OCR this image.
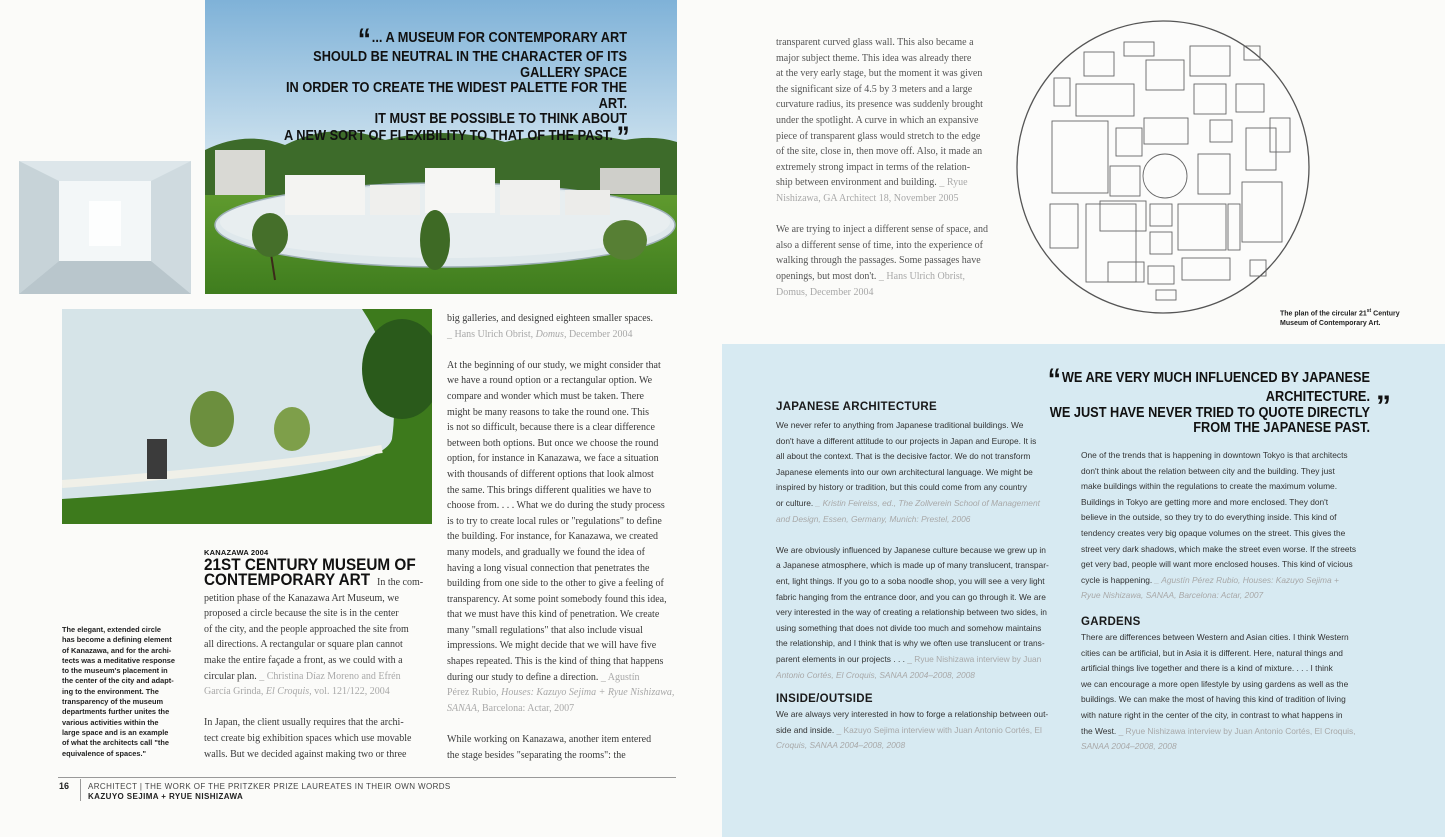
“ ... A MUSEUM FOR CONTEMPORARY ART
SHOULD BE NEUTRAL IN THE CHARACTER OF ITS GALLERY SPACE
IN ORDER TO CREATE THE WIDEST PALETTE FOR THE ART.
IT MUST BE POSSIBLE TO THINK ABOUT
A NEW SORT OF FLEXIBILITY TO THAT OF THE PAST. ”
The elegant, extended circle
has become a defining element
of Kanazawa, and for the archi-
tects was a meditative response
to the museum's placement in
the center of the city and adapt-
ing to the environment. The
transparency of the museum
departments further unites the
various activities within the
large space and is an example
of what the architects call "the
equivalence of spaces."
KANAZAWA 2004
21ST CENTURY MUSEUM OF
CONTEMPORARY ART In the com-
petition phase of the Kanazawa Art Museum, we
proposed a circle because the site is in the center
of the city, and the people approached the site from
all directions. A rectangular or square plan cannot
make the entire façade a front, as we could with a
circular plan. _ Christina Díaz Moreno and Efrén
García Grinda, El Croquis, vol. 121/122, 2004
In Japan, the client usually requires that the archi-
tect create big exhibition spaces which use movable
walls. But we decided against making two or three
big galleries, and designed eighteen smaller spaces.
_ Hans Ulrich Obrist, Domus, December 2004
At the beginning of our study, we might consider that
we have a round option or a rectangular option. We
compare and wonder which must be taken. There
might be many reasons to take the round one. This
is not so difficult, because there is a clear difference
between both options. But once we choose the round
option, for instance in Kanazawa, we face a situation
with thousands of different options that look almost
the same. This brings different qualities we have to
choose from. . . . What we do during the study process
is to try to create local rules or "regulations" to define
the building. For instance, for Kanazawa, we created
many models, and gradually we found the idea of
having a long visual connection that penetrates the
building from one side to the other to give a feeling of
transparency. At some point somebody found this idea,
that we must have this kind of penetration. We create
many "small regulations" that also include visual
impressions. We might decide that we will have five
shapes repeated. This is the kind of thing that happens
during our study to define a direction. _ Agustín
Pérez Rubio, Houses: Kazuyo Sejima + Ryue Nishizawa,
SANAA, Barcelona: Actar, 2007
While working on Kanazawa, another item entered
the stage besides "separating the rooms": the
16 ARCHITECT | THE WORK OF THE PRITZKER PRIZE LAUREATES IN THEIR OWN WORDS
KAZUYO SEJIMA + RYUE NISHIZAWA
transparent curved glass wall. This also became a
major subject theme. This idea was already there
at the very early stage, but the moment it was given
the significant size of 4.5 by 3 meters and a large
curvature radius, its presence was suddenly brought
under the spotlight. A curve in which an expansive
piece of transparent glass would stretch to the edge
of the site, close in, then move off. Also, it made an
extremely strong impact in terms of the relation-
ship between environment and building. _ Ryue
Nishizawa, GA Architect 18, November 2005
We are trying to inject a different sense of space, and
also a different sense of time, into the experience of
walking through the passages. Some passages have
openings, but most don't. _ Hans Ulrich Obrist,
Domus, December 2004
The plan of the circular 21st Century
Museum of Contemporary Art.
“ WE ARE VERY MUCH INFLUENCED BY JAPANESE ARCHITECTURE.
WE JUST HAVE NEVER TRIED TO QUOTE DIRECTLY
FROM THE JAPANESE PAST.
”
JAPANESE ARCHITECTURE
We never refer to anything from Japanese traditional buildings. We
don't have a different attitude to our projects in Japan and Europe. It is
all about the context. That is the decisive factor. We do not transform
Japanese elements into our own architectural language. We might be
inspired by history or tradition, but this could come from any country
or culture. _ Kristin Feireiss, ed., The Zollverein School of Management
and Design, Essen, Germany, Munich: Prestel, 2006
We are obviously influenced by Japanese culture because we grew up in
a Japanese atmosphere, which is made up of many translucent, transpar-
ent, light things. If you go to a soba noodle shop, you will see a very light
fabric hanging from the entrance door, and you can go through it. We are
very interested in the way of creating a relationship between two sides, in
using something that does not divide too much and somehow maintains
the relationship, and I think that is why we often use translucent or trans-
parent elements in our projects . . . _ Ryue Nishizawa interview by Juan
Antonio Cortés, El Croquis, SANAA 2004–2008, 2008
INSIDE/OUTSIDE
We are always very interested in how to forge a relationship between out-
side and inside. _ Kazuyo Sejima interview with Juan Antonio Cortés, El
Croquis, SANAA 2004–2008, 2008
One of the trends that is happening in downtown Tokyo is that architects
don't think about the relation between city and the building. They just
make buildings within the regulations to create the maximum volume.
Buildings in Tokyo are getting more and more enclosed. They don't
believe in the outside, so they try to do everything inside. This kind of
tendency creates very big opaque volumes on the street. This gives the
street very dark shadows, which make the street even worse. If the streets
get very bad, people will want more enclosed houses. This kind of vicious
cycle is happening. _ Agustín Pérez Rubio, Houses: Kazuyo Sejima +
Ryue Nishizawa, SANAA, Barcelona: Actar, 2007
GARDENS
There are differences between Western and Asian cities. I think Western
cities can be artificial, but in Asia it is different. Here, natural things and
artificial things live together and there is a kind of mixture. . . . I think
we can encourage a more open lifestyle by using gardens as well as the
buildings. We can make the most of having this kind of tradition of living
with nature right in the center of the city, in contrast to what happens in
the West. _ Ryue Nishizawa interview by Juan Antonio Cortés, El Croquis,
SANAA 2004–2008, 2008
